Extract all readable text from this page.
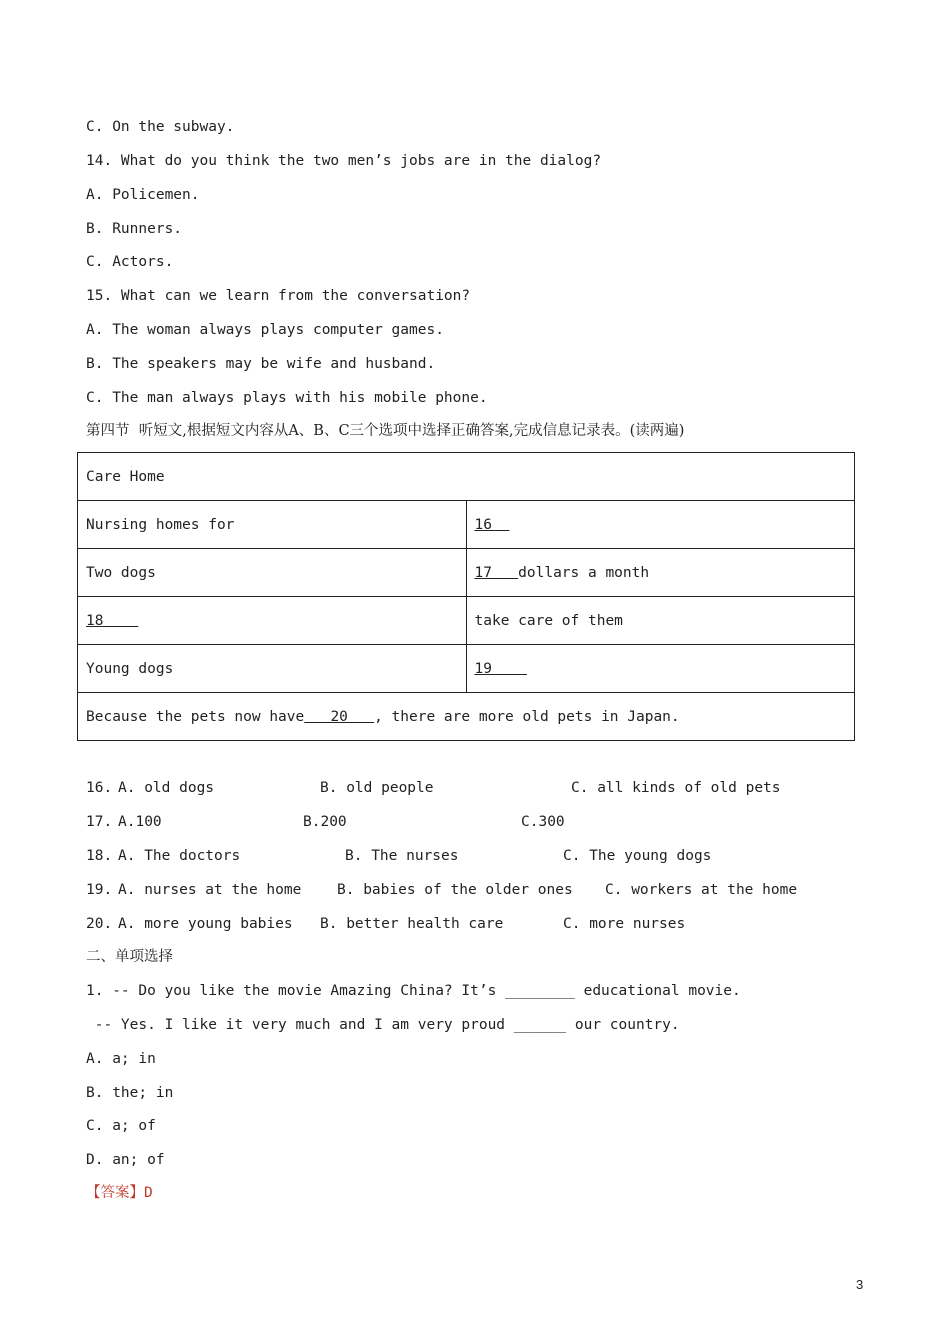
C. On the subway.
14. What do you think the two men’s jobs are in the dialog?
A. Policemen.
B. Runners.
C. Actors.
15. What can we learn from the conversation?
A. The woman always plays computer games.
B. The speakers may be wife and husband.
C. The man always plays with his mobile phone.
第四节  听短文,根据短文内容从A、B、C三个选项中选择正确答案,完成信息记录表。(读两遍)
Care Home	
Nursing homes for	16
Two dogs	17   dollars a month
18	take care of them
Young dogs	19
Because the pets now have   20   , there are more old pets in Japan.	
16. A. old dogs	B. old people	C. all kinds of old pets
17. A.100	B.200	C.300
18. A. The doctors	B. The nurses	C. The young dogs
19. A. nurses at the home B. babies of the older ones C. workers at the home
20. A. more young babies B. better health care	C. more nurses
二、单项选择
1. -- Do you like the movie Amazing China? It’s ________ educational movie.
-- Yes. I like it very much and I am very proud ______ our country.
A. a; in
B. the; in
C. a; of
D. an; of
【答案】D
3
